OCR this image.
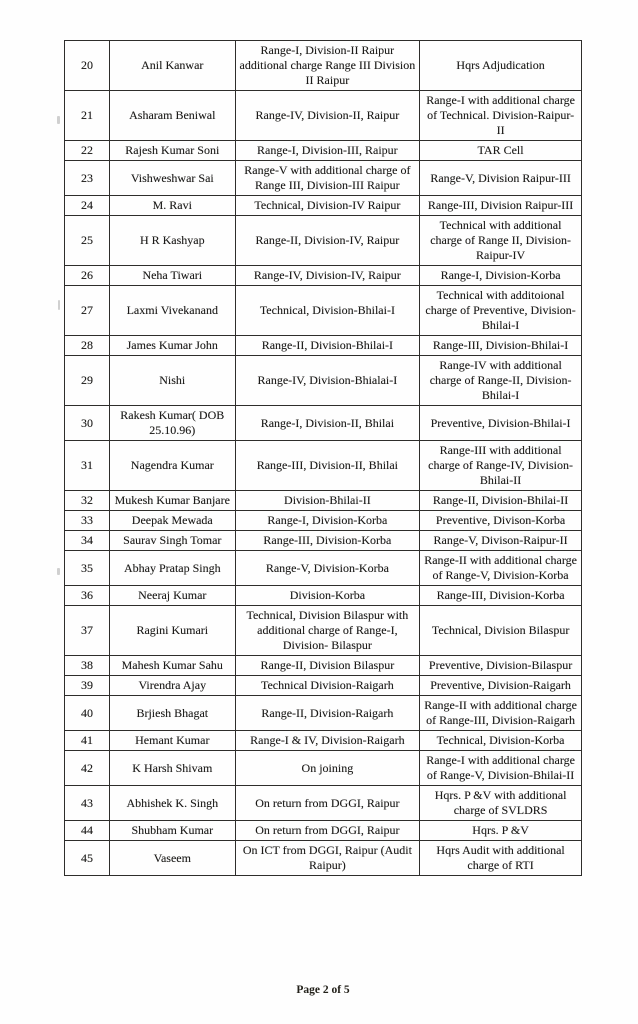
20	Anil Kanwar	Range-I, Division-II Raipur additional charge Range III Division II Raipur	Hqrs Adjudication
21	Asharam Beniwal	Range-IV, Division-II, Raipur	Range-I with additional charge of Technical. Division-Raipur-II
22	Rajesh Kumar Soni	Range-I, Division-III, Raipur	TAR Cell
23	Vishweshwar Sai	Range-V with additional charge of Range III, Division-III Raipur	Range-V, Division Raipur-III
24	M. Ravi	Technical, Division-IV Raipur	Range-III, Division Raipur-III
25	H R Kashyap	Range-II, Division-IV, Raipur	Technical with additional charge of Range II, Division-Raipur-IV
26	Neha Tiwari	Range-IV, Division-IV, Raipur	Range-I, Division-Korba
27	Laxmi Vivekanand	Technical, Division-Bhilai-I	Technical with additoional charge of Preventive, Division-Bhilai-I
28	James Kumar John	Range-II, Division-Bhilai-I	Range-III, Division-Bhilai-I
29	Nishi	Range-IV, Division-Bhialai-I	Range-IV with additional charge of Range-II, Division-Bhilai-I
30	Rakesh Kumar( DOB 25.10.96)	Range-I, Division-II, Bhilai	Preventive, Division-Bhilai-I
31	Nagendra Kumar	Range-III, Division-II, Bhilai	Range-III with additional charge of Range-IV, Division-Bhilai-II
32	Mukesh Kumar Banjare	Division-Bhilai-II	Range-II, Division-Bhilai-II
33	Deepak Mewada	Range-I, Division-Korba	Preventive, Divison-Korba
34	Saurav Singh Tomar	Range-III, Division-Korba	Range-V, Divison-Raipur-II
35	Abhay Pratap Singh	Range-V, Division-Korba	Range-II with additional charge of Range-V, Division-Korba
36	Neeraj Kumar	Division-Korba	Range-III, Division-Korba
37	Ragini Kumari	Technical, Division Bilaspur with additional charge of Range-I, Division- Bilaspur	Technical, Division Bilaspur
38	Mahesh Kumar Sahu	Range-II, Division Bilaspur	Preventive, Division-Bilaspur
39	Virendra Ajay	Technical Division-Raigarh	Preventive, Division-Raigarh
40	Brjiesh Bhagat	Range-II, Division-Raigarh	Range-II with additional charge of Range-III, Division-Raigarh
41	Hemant Kumar	Range-I & IV, Division-Raigarh	Technical, Division-Korba
42	K Harsh Shivam	On joining	Range-I with additional charge of Range-V, Division-Bhilai-II
43	Abhishek K. Singh	On return from DGGI, Raipur	Hqrs. P &V with additional charge of SVLDRS
44	Shubham Kumar	On return from DGGI, Raipur	Hqrs. P &V
45	Vaseem	On ICT from DGGI, Raipur (Audit Raipur)	Hqrs Audit with additional charge of RTI
Page 2 of 5
